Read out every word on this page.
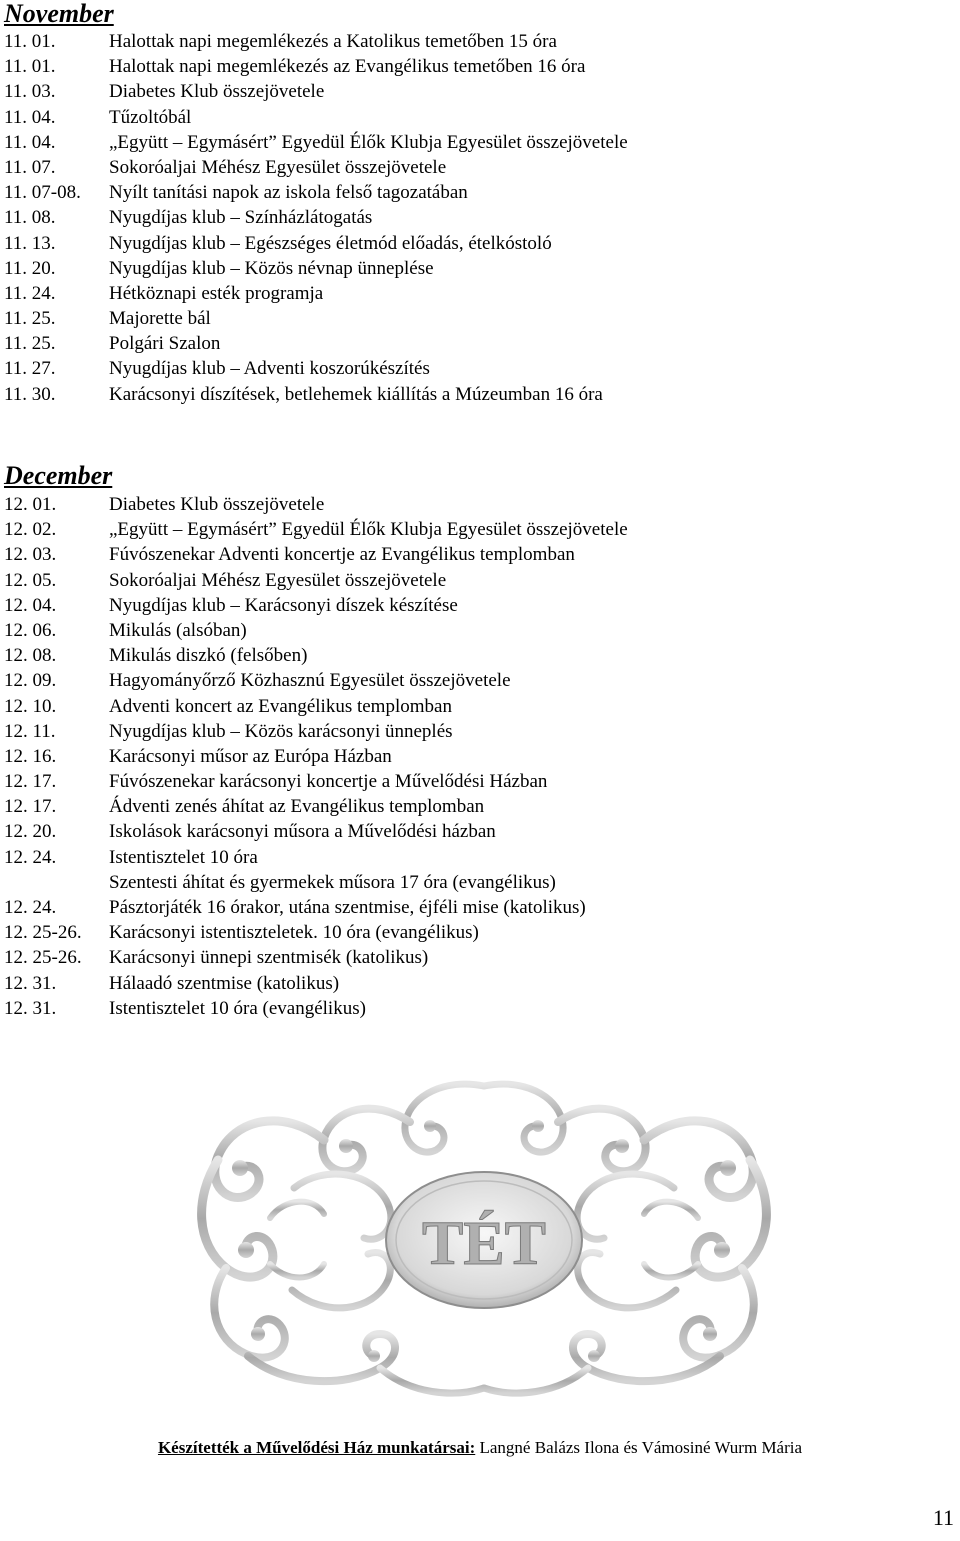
November
11. 01.	Halottak napi megemlékezés a Katolikus temetőben 15 óra
11. 01.	Halottak napi megemlékezés az Evangélikus temetőben 16 óra
11. 03.	Diabetes Klub összejövetele
11. 04.	Tűzoltóbál
11. 04.	„Együtt – Egymásért” Egyedül Élők Klubja Egyesület összejövetele
11. 07.	Sokoróaljai Méhész Egyesület összejövetele
11. 07-08.	Nyílt tanítási napok az iskola felső tagozatában
11. 08.	Nyugdíjas klub – Színházlátogatás
11. 13.	Nyugdíjas klub – Egészséges életmód előadás, ételkóstoló
11. 20.	Nyugdíjas klub – Közös névnap ünneplése
11. 24.	Hétköznapi esték programja
11. 25.	Majorette bál
11. 25.	Polgári Szalon
11. 27.	Nyugdíjas klub – Adventi koszorúkészítés
11. 30.	Karácsonyi díszítések, betlehemek kiállítás a Múzeumban 16 óra
December
12. 01.	Diabetes Klub összejövetele
12. 02.	„Együtt – Egymásért” Egyedül Élők Klubja Egyesület összejövetele
12. 03.	Fúvószenekar Adventi koncertje az Evangélikus templomban
12. 05.	Sokoróaljai Méhész Egyesület összejövetele
12. 04.	Nyugdíjas klub – Karácsonyi díszek készítése
12. 06.	Mikulás (alsóban)
12. 08.	Mikulás diszkó (felsőben)
12. 09.	Hagyományőrző Közhasznú Egyesület összejövetele
12. 10.	Adventi koncert az Evangélikus templomban
12. 11.	Nyugdíjas klub – Közös karácsonyi ünneplés
12. 16.	Karácsonyi műsor az Európa Házban
12. 17.	Fúvószenekar karácsonyi koncertje a Művelődési Házban
12. 17.	Ádventi zenés áhítat az Evangélikus templomban
12. 20.	Iskolások karácsonyi műsora a Művelődési házban
12. 24.	Istentisztelet 10 óra
Szentesti áhítat és gyermekek műsora 17 óra (evangélikus)
12. 24.	Pásztorjáték 16 órakor, utána szentmise, éjféli mise (katolikus)
12. 25-26.	Karácsonyi istentiszteletek. 10 óra (evangélikus)
12. 25-26.	Karácsonyi ünnepi szentmisék (katolikus)
12. 31.	Hálaadó szentmise (katolikus)
12. 31.	Istentisztelet 10 óra (evangélikus)
TÉT
Készítették a Művelődési Ház munkatársai: Langné Balázs Ilona és Vámosiné Wurm Mária
11
